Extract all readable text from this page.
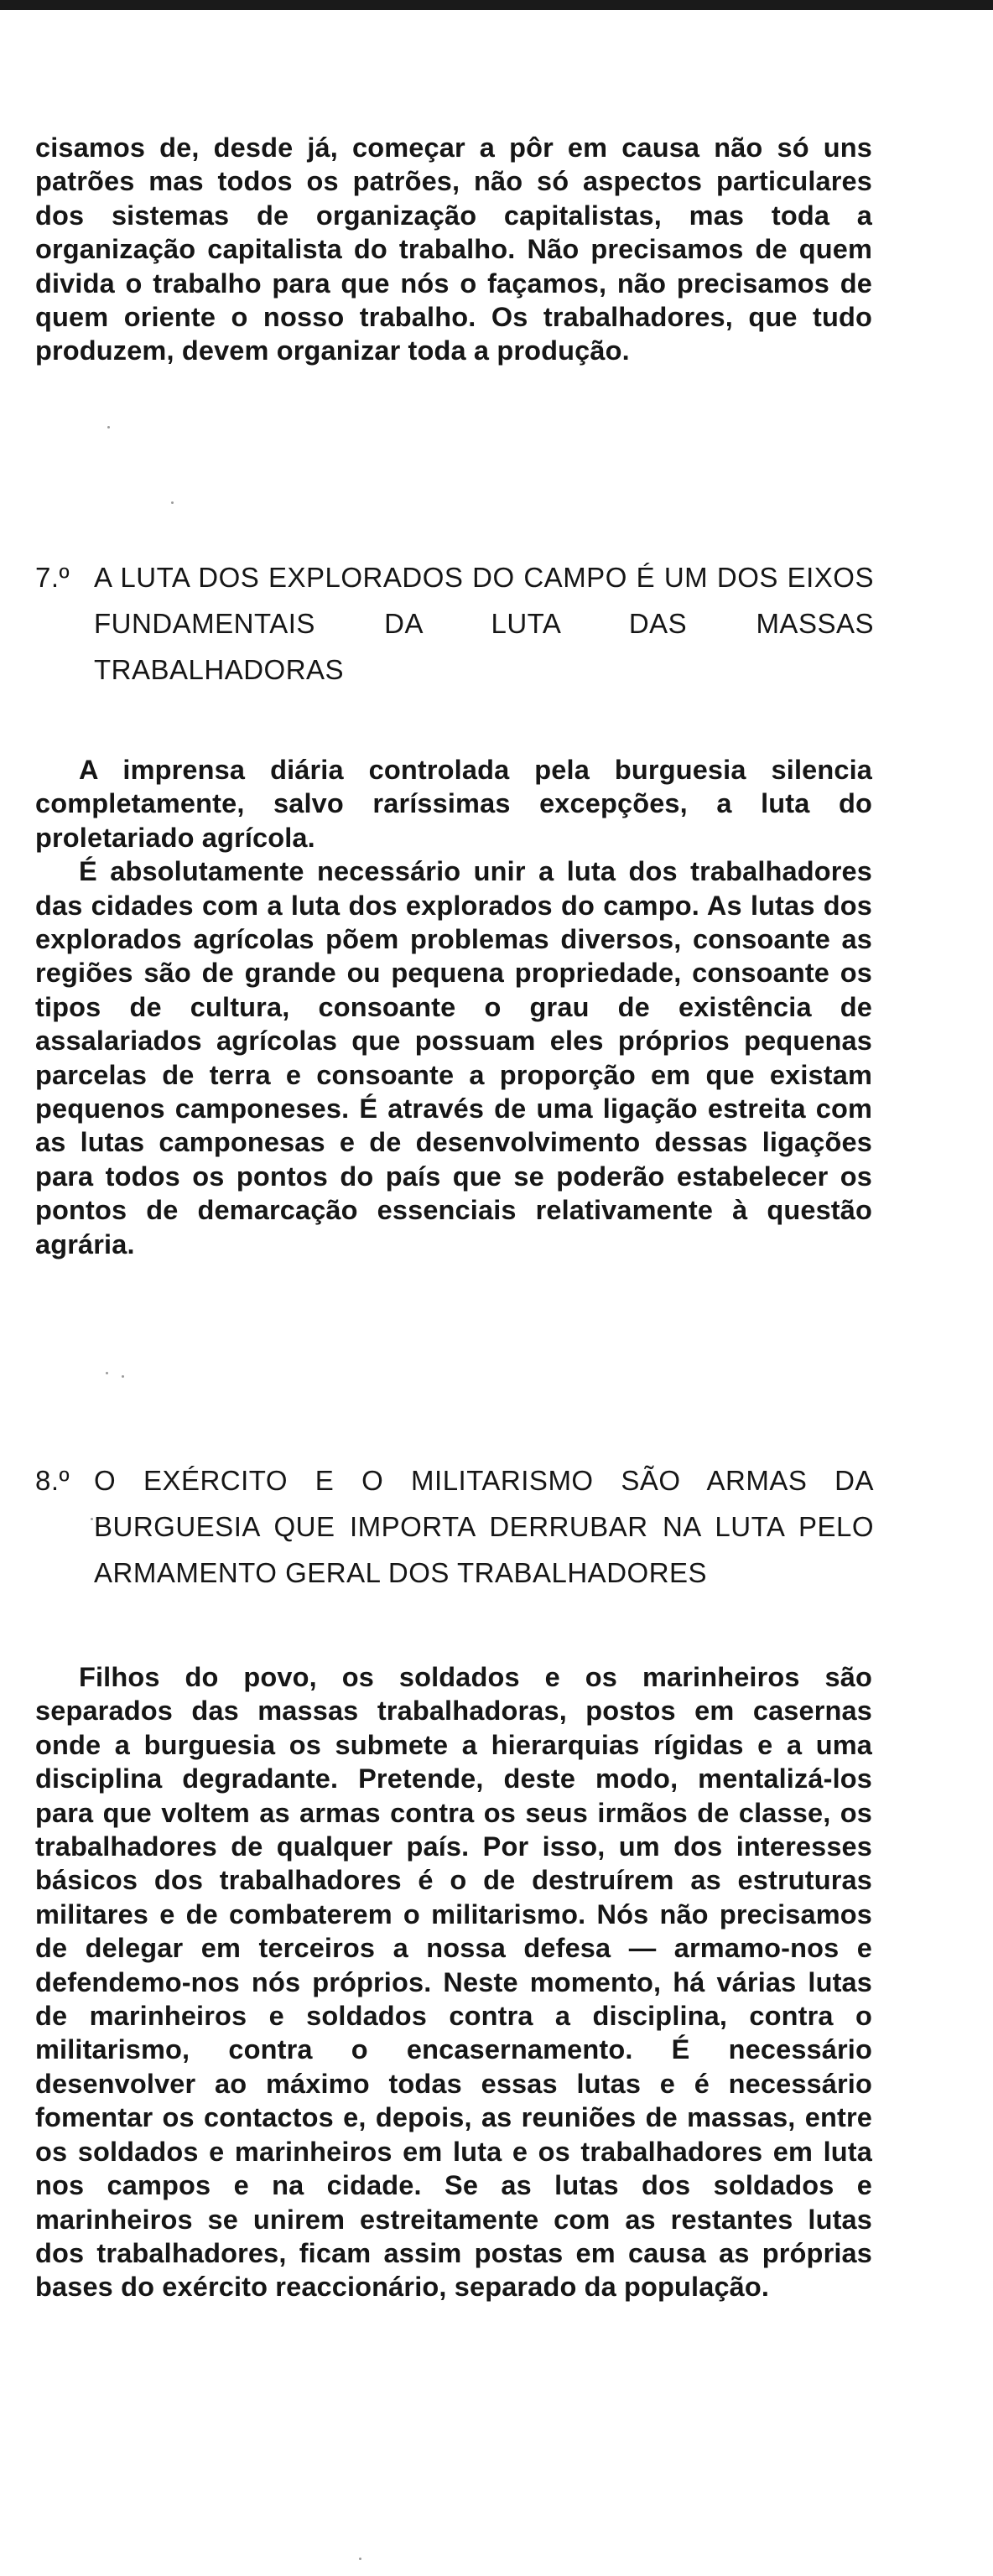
cisamos de, desde já, começar a pôr em causa não só uns patrões mas todos os patrões, não só aspectos particulares dos sistemas de organização capitalistas, mas toda a organização capitalista do trabalho. Não precisamos de quem divida o trabalho para que nós o façamos, não precisamos de quem oriente o nosso trabalho. Os trabalhadores, que tudo produzem, devem organizar toda a produção.

7.º A LUTA DOS EXPLORADOS DO CAMPO É UM DOS EIXOS FUNDAMENTAIS DA LUTA DAS MASSAS TRABALHADORAS

A imprensa diária controlada pela burguesia silencia completamente, salvo raríssimas excepções, a luta do proletariado agrícola.

É absolutamente necessário unir a luta dos trabalhadores das cidades com a luta dos explorados do campo. As lutas dos explorados agrícolas põem problemas diversos, consoante as regiões são de grande ou pequena propriedade, consoante os tipos de cultura, consoante o grau de existência de assalariados agrícolas que possuam eles próprios pequenas parcelas de terra e consoante a proporção em que existam pequenos camponeses. É através de uma ligação estreita com as lutas camponesas e de desenvolvimento dessas ligações para todos os pontos do país que se poderão estabelecer os pontos de demarcação essenciais relativamente à questão agrária.

8.º O EXÉRCITO E O MILITARISMO SÃO ARMAS DA BURGUESIA QUE IMPORTA DERRUBAR NA LUTA PELO ARMAMENTO GERAL DOS TRABALHADORES

Filhos do povo, os soldados e os marinheiros são separados das massas trabalhadoras, postos em casernas onde a burguesia os submete a hierarquias rígidas e a uma disciplina degradante. Pretende, deste modo, mentalizá-los para que voltem as armas contra os seus irmãos de classe, os trabalhadores de qualquer país. Por isso, um dos interesses básicos dos trabalhadores é o de destruírem as estruturas militares e de combaterem o militarismo. Nós não precisamos de delegar em terceiros a nossa defesa — armamo-nos e defendemo-nos nós próprios. Neste momento, há várias lutas de marinheiros e soldados contra a disciplina, contra o militarismo, contra o encasernamento. É necessário desenvolver ao máximo todas essas lutas e é necessário fomentar os contactos e, depois, as reuniões de massas, entre os soldados e marinheiros em luta e os trabalhadores em luta nos campos e na cidade. Se as lutas dos soldados e marinheiros se unirem estreitamente com as restantes lutas dos trabalhadores, ficam assim postas em causa as próprias bases do exército reaccionário, separado da população.
